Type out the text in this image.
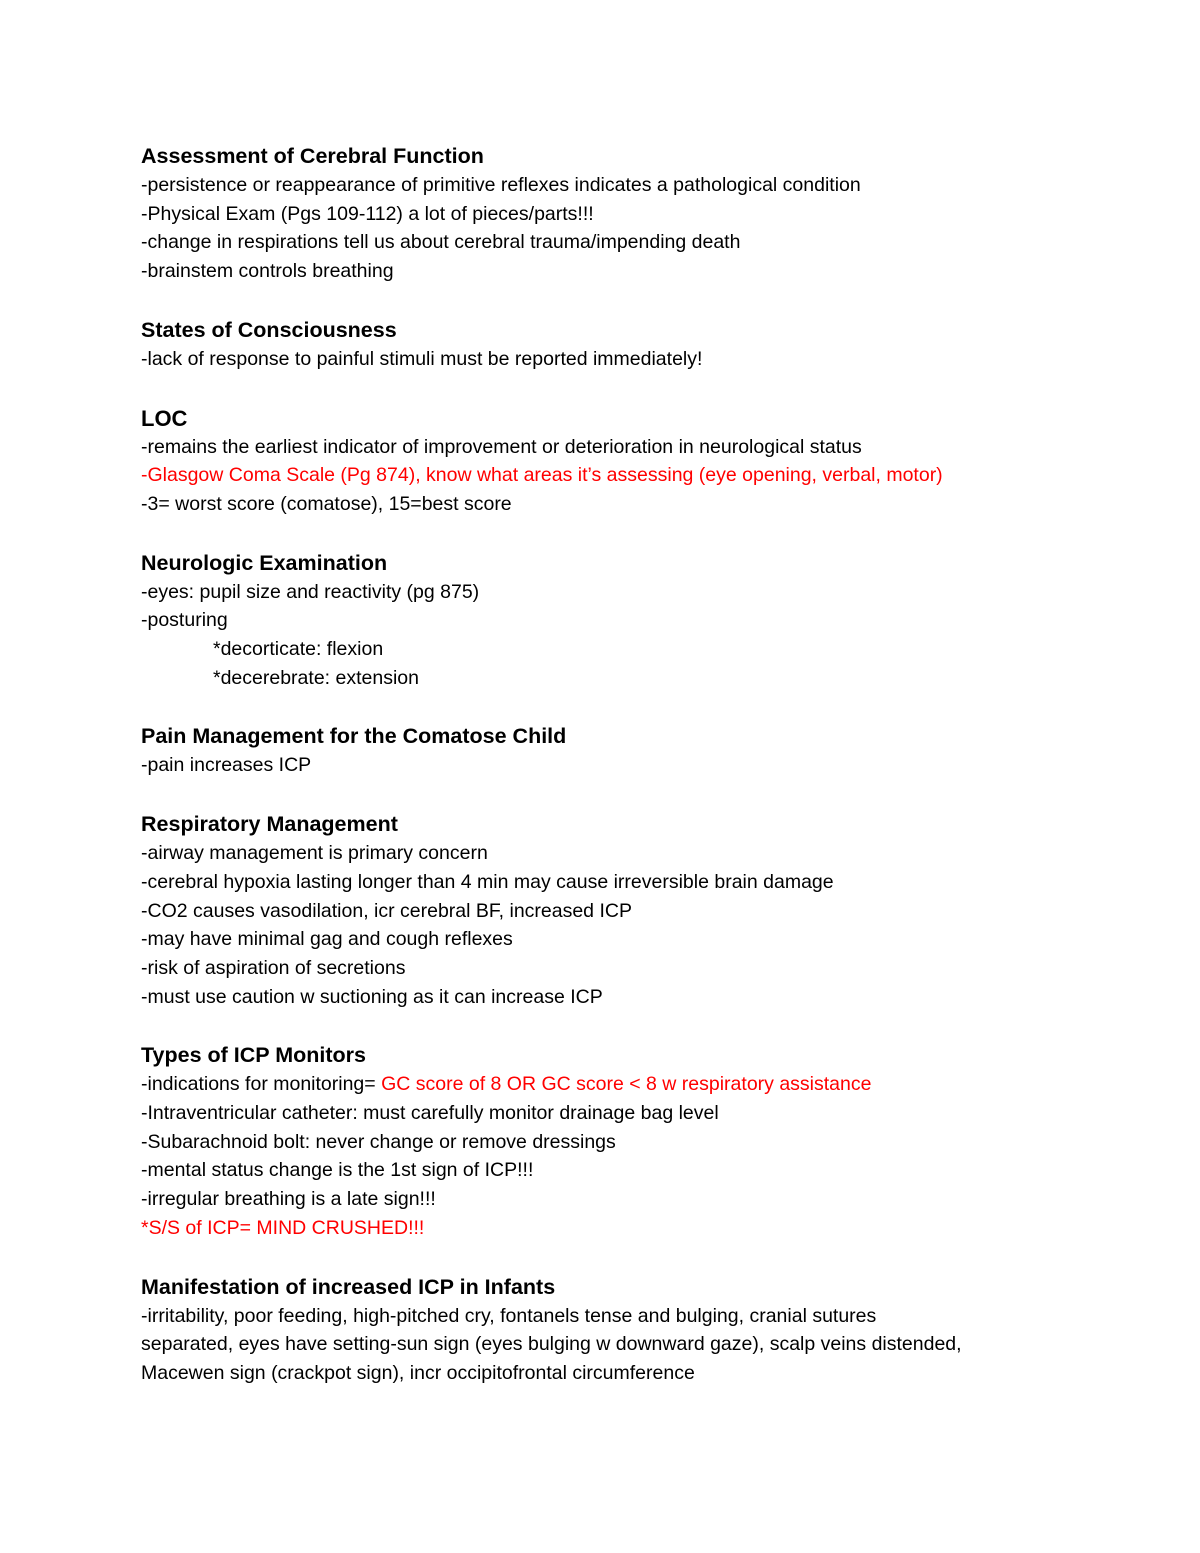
Assessment of Cerebral Function

-persistence or reappearance of primitive reflexes indicates a pathological condition

-Physical Exam (Pgs 109-112) a lot of pieces/parts!!!

-change in respirations tell us about cerebral trauma/impending death

-brainstem controls breathing

States of Consciousness

-lack of response to painful stimuli must be reported immediately!

LOC

-remains the earliest indicator of improvement or deterioration in neurological status

-Glasgow Coma Scale (Pg 874), know what areas it’s assessing (eye opening, verbal, motor)

-3= worst score (comatose), 15=best score

Neurologic Examination

-eyes: pupil size and reactivity (pg 875)

-posturing

*decorticate: flexion

*decerebrate: extension

Pain Management for the Comatose Child

-pain increases ICP

Respiratory Management

-airway management is primary concern

-cerebral hypoxia lasting longer than 4 min may cause irreversible brain damage

-CO2 causes vasodilation, icr cerebral BF, increased ICP

-may have minimal gag and cough reflexes

-risk of aspiration of secretions

-must use caution w suctioning as it can increase ICP

Types of ICP Monitors

-indications for monitoring= GC score of 8 OR GC score < 8 w respiratory assistance

-Intraventricular catheter: must carefully monitor drainage bag level

-Subarachnoid bolt: never change or remove dressings

-mental status change is the 1st sign of ICP!!!

-irregular breathing is a late sign!!!

*S/S of ICP= MIND CRUSHED!!!

Manifestation of increased ICP in Infants

-irritability, poor feeding, high-pitched cry, fontanels tense and bulging, cranial sutures

separated, eyes have setting-sun sign (eyes bulging w downward gaze), scalp veins distended,

Macewen sign (crackpot sign), incr occipitofrontal circumference
